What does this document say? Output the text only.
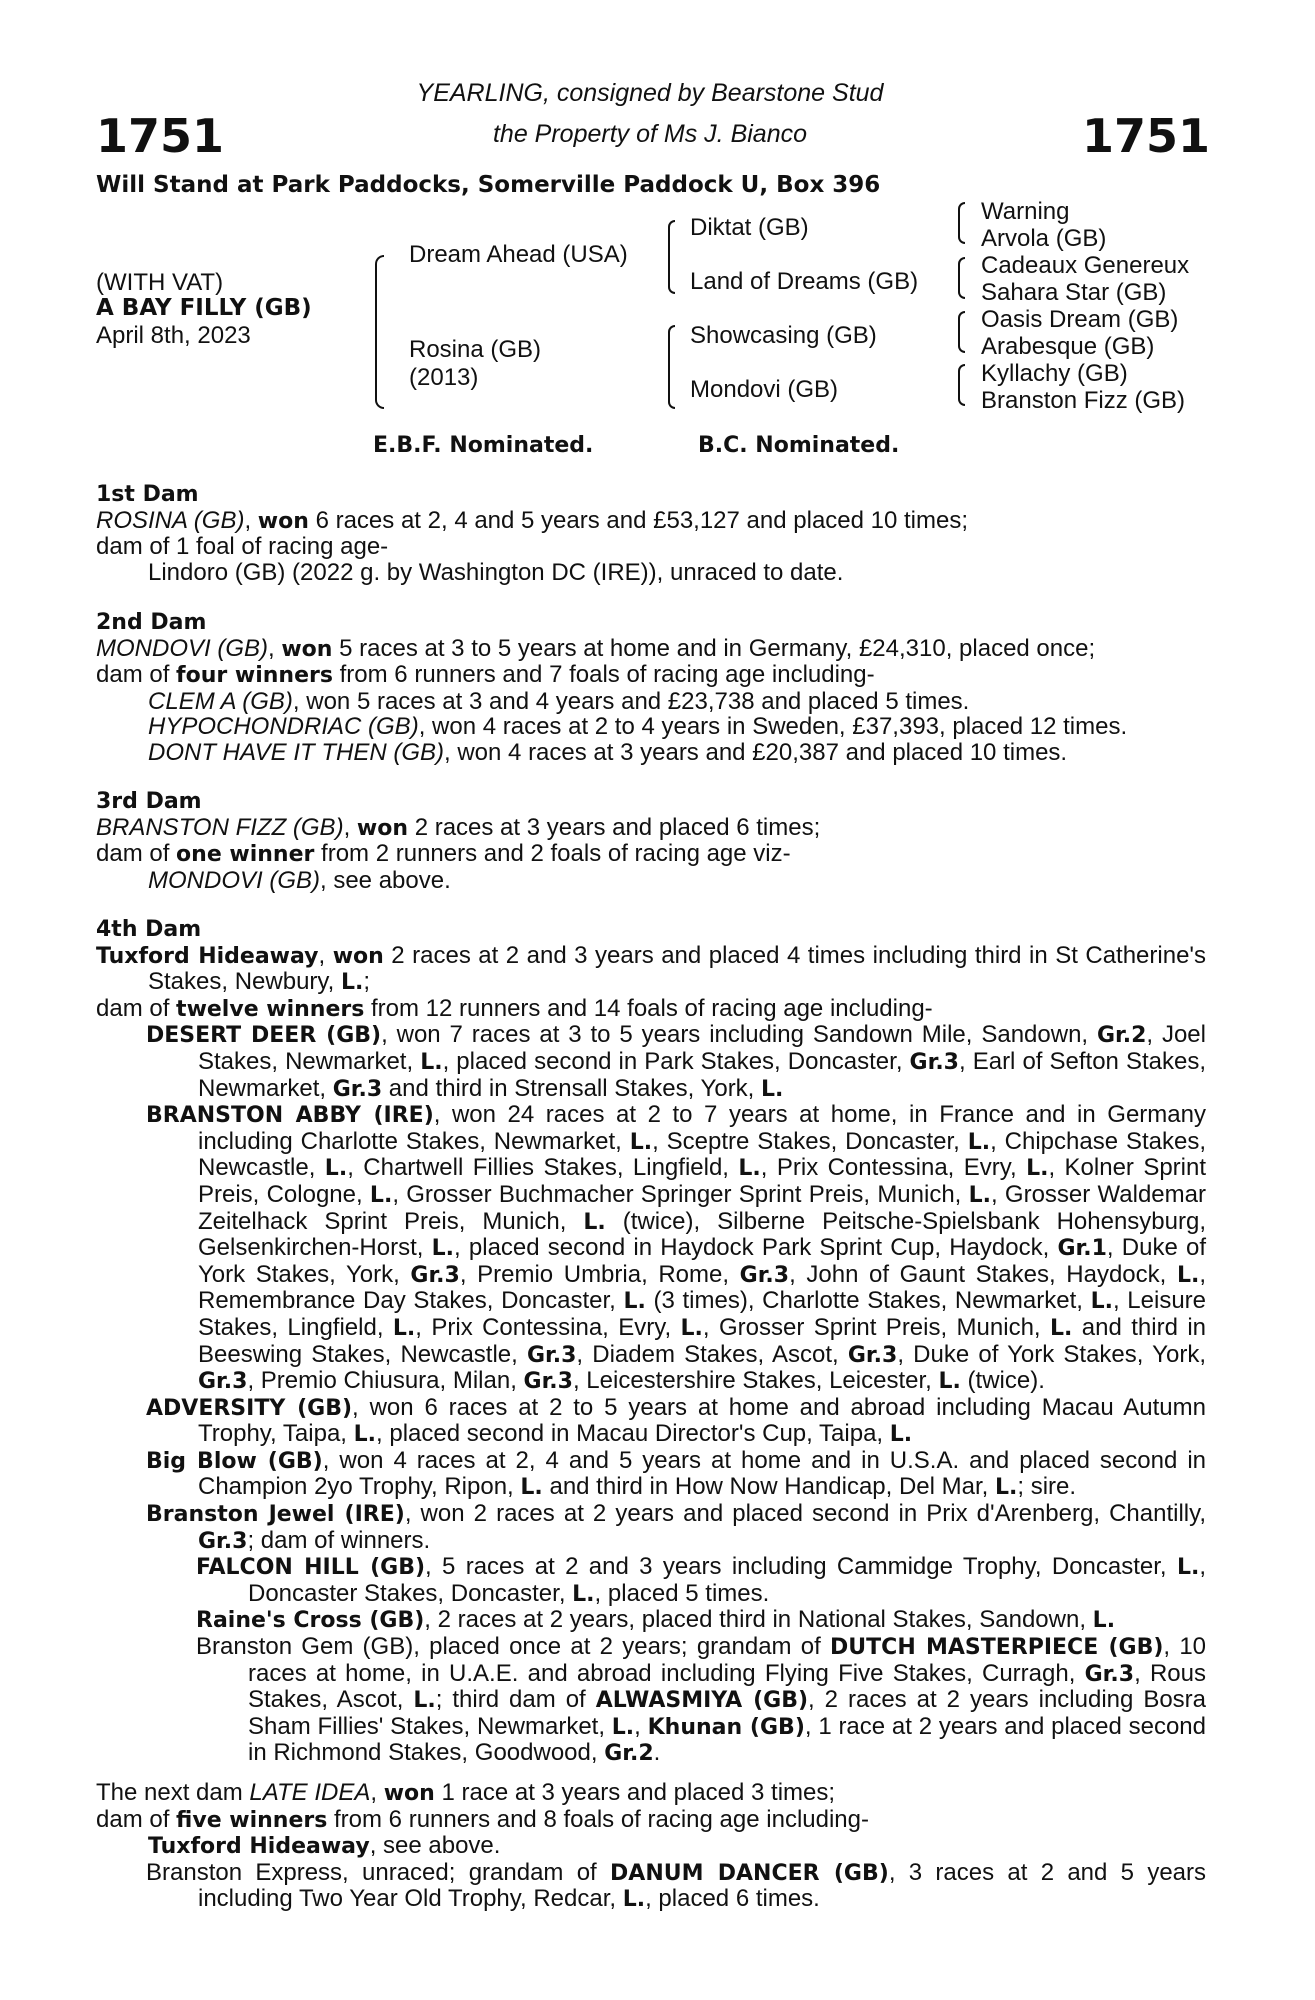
1751	1751
YEARLING, consigned by Bearstone Stud
the Property of Ms J. Bianco
Will Stand at Park Paddocks, Somerville Paddock U, Box 396
(WITH VAT)
A BAY FILLY (GB)
April 8th, 2023
Dream Ahead (USA)
Rosina (GB)
(2013)
Diktat (GB)
Land of Dreams (GB)
Showcasing (GB)
Mondovi (GB)
Warning
Arvola (GB)
Cadeaux Genereux
Sahara Star (GB)
Oasis Dream (GB)
Arabesque (GB)
Kyllachy (GB)
Branston Fizz (GB)
E.B.F. Nominated.	B.C. Nominated.

1st Dam

ROSINA (GB), won 6 races at 2, 4 and 5 years and £53,127 and placed 10 times;

dam of 1 foal of racing age-

Lindoro (GB) (2022 g. by Washington DC (IRE)), unraced to date.

2nd Dam

MONDOVI (GB), won 5 races at 3 to 5 years at home and in Germany, £24,310, placed once;

dam of four winners from 6 runners and 7 foals of racing age including-

CLEM A (GB), won 5 races at 3 and 4 years and £23,738 and placed 5 times.

HYPOCHONDRIAC (GB), won 4 races at 2 to 4 years in Sweden, £37,393, placed 12 times.

DONT HAVE IT THEN (GB), won 4 races at 3 years and £20,387 and placed 10 times.

3rd Dam

BRANSTON FIZZ (GB), won 2 races at 3 years and placed 6 times;

dam of one winner from 2 runners and 2 foals of racing age viz-

MONDOVI (GB), see above.

4th Dam

Tuxford Hideaway, won 2 races at 2 and 3 years and placed 4 times including third in St Catherine's Stakes, Newbury, L.;

dam of twelve winners from 12 runners and 14 foals of racing age including-

DESERT DEER (GB), won 7 races at 3 to 5 years including Sandown Mile, Sandown, Gr.2, Joel Stakes, Newmarket, L., placed second in Park Stakes, Doncaster, Gr.3, Earl of Sefton Stakes, Newmarket, Gr.3 and third in Strensall Stakes, York, L.

BRANSTON ABBY (IRE), won 24 races at 2 to 7 years at home, in France and in Germany including Charlotte Stakes, Newmarket, L., Sceptre Stakes, Doncaster, L., Chipchase Stakes, Newcastle, L., Chartwell Fillies Stakes, Lingfield, L., Prix Contessina, Evry, L., Kolner Sprint Preis, Cologne, L., Grosser Buchmacher Springer Sprint Preis, Munich, L., Grosser Waldemar Zeitelhack Sprint Preis, Munich, L. (twice), Silberne Peitsche-Spielsbank Hohensyburg, Gelsenkirchen-Horst, L., placed second in Haydock Park Sprint Cup, Haydock, Gr.1, Duke of York Stakes, York, Gr.3, Premio Umbria, Rome, Gr.3, John of Gaunt Stakes, Haydock, L., Remembrance Day Stakes, Doncaster, L. (3 times), Charlotte Stakes, Newmarket, L., Leisure Stakes, Lingfield, L., Prix Contessina, Evry, L., Grosser Sprint Preis, Munich, L. and third in Beeswing Stakes, Newcastle, Gr.3, Diadem Stakes, Ascot, Gr.3, Duke of York Stakes, York, Gr.3, Premio Chiusura, Milan, Gr.3, Leicestershire Stakes, Leicester, L. (twice).

ADVERSITY (GB), won 6 races at 2 to 5 years at home and abroad including Macau Autumn Trophy, Taipa, L., placed second in Macau Director's Cup, Taipa, L.

Big Blow (GB), won 4 races at 2, 4 and 5 years at home and in U.S.A. and placed second in Champion 2yo Trophy, Ripon, L. and third in How Now Handicap, Del Mar, L.; sire.

Branston Jewel (IRE), won 2 races at 2 years and placed second in Prix d'Arenberg, Chantilly, Gr.3; dam of winners.

FALCON HILL (GB), 5 races at 2 and 3 years including Cammidge Trophy, Doncaster, L., Doncaster Stakes, Doncaster, L., placed 5 times.

Raine's Cross (GB), 2 races at 2 years, placed third in National Stakes, Sandown, L.

Branston Gem (GB), placed once at 2 years; grandam of DUTCH MASTERPIECE (GB), 10 races at home, in U.A.E. and abroad including Flying Five Stakes, Curragh, Gr.3, Rous Stakes, Ascot, L.; third dam of ALWASMIYA (GB), 2 races at 2 years including Bosra Sham Fillies' Stakes, Newmarket, L., Khunan (GB), 1 race at 2 years and placed second in Richmond Stakes, Goodwood, Gr.2.

The next dam LATE IDEA, won 1 race at 3 years and placed 3 times;

dam of five winners from 6 runners and 8 foals of racing age including-

Tuxford Hideaway, see above.

Branston Express, unraced; grandam of DANUM DANCER (GB), 3 races at 2 and 5 years including Two Year Old Trophy, Redcar, L., placed 6 times.
